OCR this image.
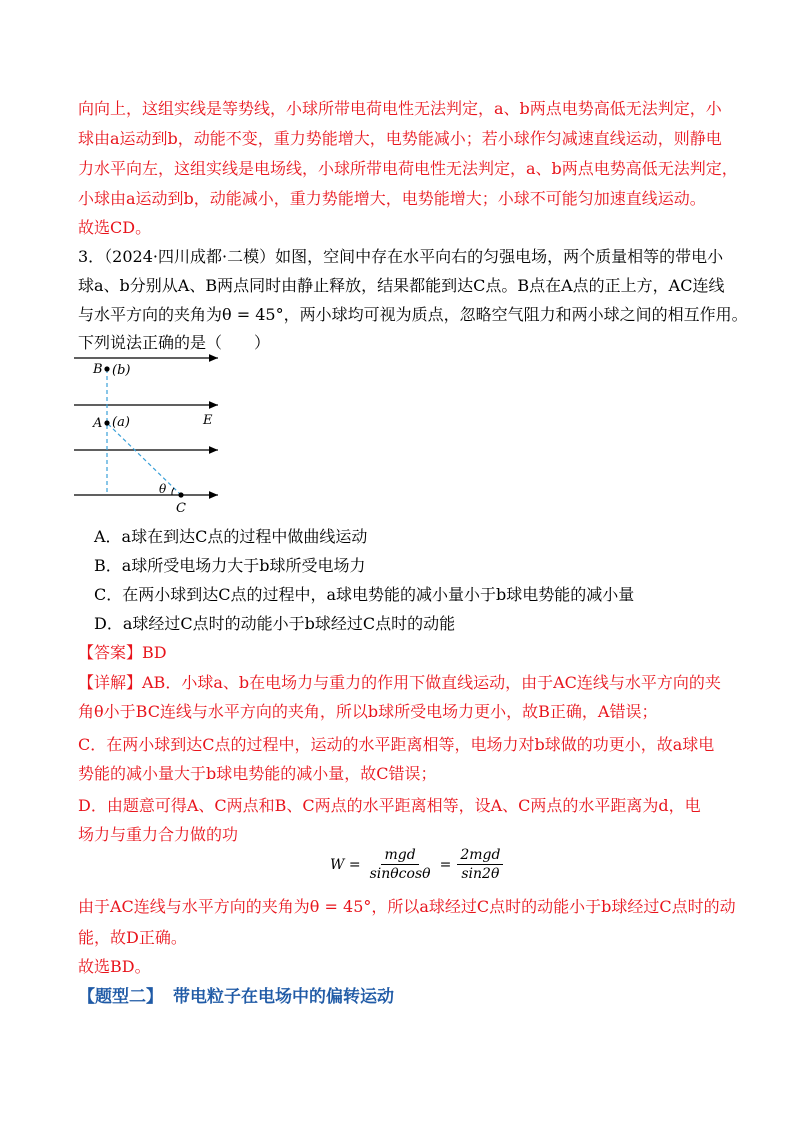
向向上，这组实线是等势线，小球所带电荷电性无法判定，a、b两点电势高低无法判定，小
球由a运动到b，动能不变，重力势能增大，电势能减小；若小球作匀减速直线运动，则静电
力水平向左，这组实线是电场线，小球所带电荷电性无法判定，a、b两点电势高低无法判定，
小球由a运动到b，动能减小，重力势能增大，电势能增大；小球不可能匀加速直线运动。
故选CD。
3．（2024·四川成都·二模）如图，空间中存在水平向右的匀强电场，两个质量相等的带电小
球a、b分别从A、B两点同时由静止释放，结果都能到达C点。B点在A点的正上方，AC连线
与水平方向的夹角为θ = 45°，两小球均可视为质点，忽略空气阻力和两小球之间的相互作用。
下列说法正确的是（　　）
B (b)
A (a)	E
θ
C
A．a球在到达C点的过程中做曲线运动
B．a球所受电场力大于b球所受电场力
C．在两小球到达C点的过程中，a球电势能的减小量小于b球电势能的减小量
D．a球经过C点时的动能小于b球经过C点时的动能
【答案】BD
【详解】AB．小球a、b在电场力与重力的作用下做直线运动，由于AC连线与水平方向的夹
角θ小于BC连线与水平方向的夹角，所以b球所受电场力更小，故B正确，A错误；
C．在两小球到达C点的过程中，运动的水平距离相等，电场力对b球做的功更小，故a球电
势能的减小量大于b球电势能的减小量，故C错误；
D．由题意可得A、C两点和B、C两点的水平距离相等，设A、C两点的水平距离为d，电
场力与重力合力做的功
$W = \frac{\text{mgd}}{\sin\theta\cos\theta} = \frac{\text{2mgd}}{\sin 2\theta}$
由于AC连线与水平方向的夹角为θ = 45°，所以a球经过C点时的动能小于b球经过C点时的动
能，故D正确。
故选BD。
【题型二】 带电粒子在电场中的偏转运动
